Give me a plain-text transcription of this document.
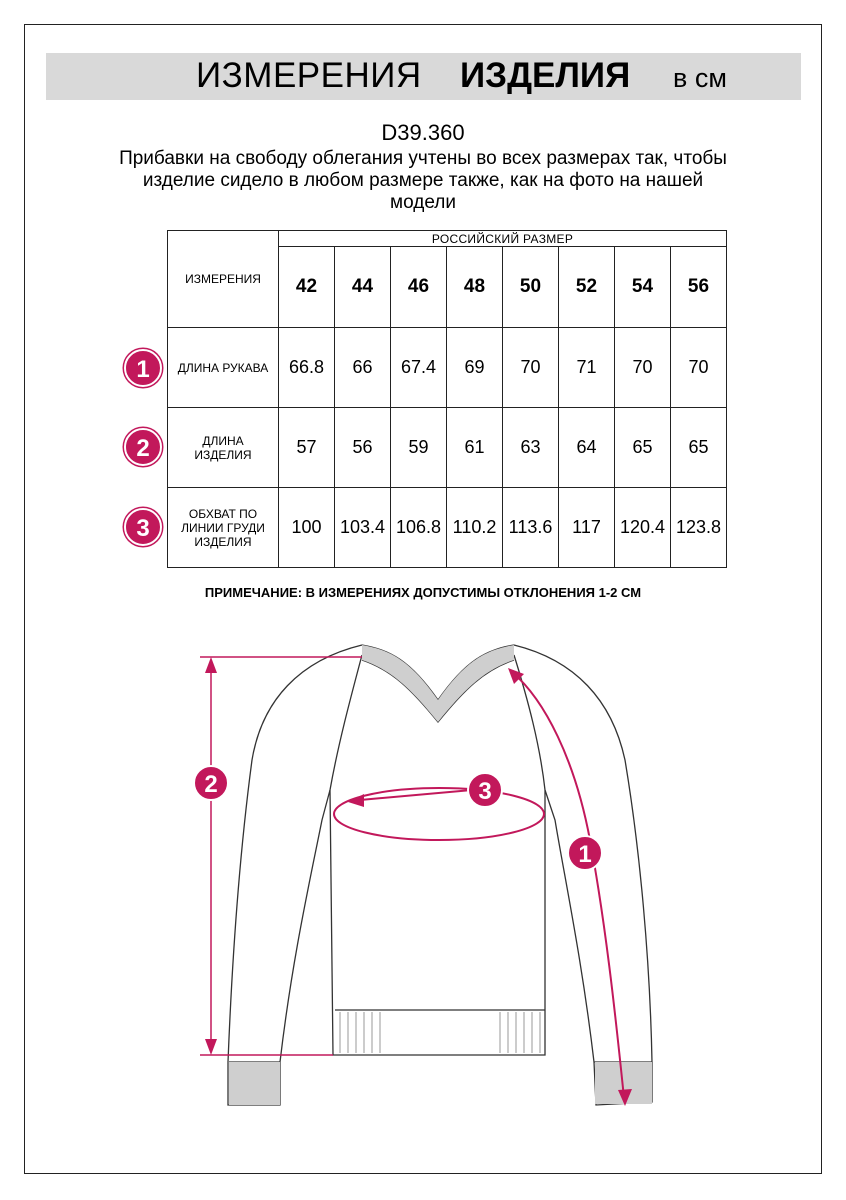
ИЗМЕРЕНИЯ ИЗДЕЛИЯ в см
D39.360
Прибавки на свободу облегания учтены во всех размерах так, чтобы изделие сидело в любом размере также, как на фото на нашей модели
ИЗМЕРЕНИЯ	РОССИЙСКИЙ РАЗМЕР							
	42	44	46	48	50	52	54	56
ДЛИНА РУКАВА	66.8	66	67.4	69	70	71	70	70
ДЛИНА ИЗДЕЛИЯ	57	56	59	61	63	64	65	65
ОБХВАТ ПО ЛИНИИ ГРУДИ ИЗДЕЛИЯ	100	103.4	106.8	110.2	113.6	117	120.4	123.8
1
2
3
ПРИМЕЧАНИЕ: В ИЗМЕРЕНИЯХ ДОПУСТИМЫ ОТКЛОНЕНИЯ 1-2 СМ
2	3
1
